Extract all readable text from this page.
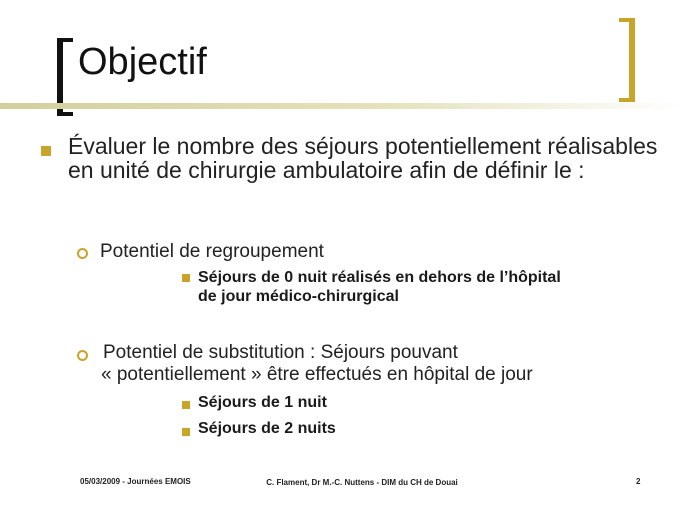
Objectif
Évaluer le nombre des séjours potentiellement réalisables en unité de chirurgie ambulatoire afin de définir le :
Potentiel de regroupement
Séjours de 0 nuit réalisés en dehors de l’hôpital
de jour médico-chirurgical
Potentiel de substitution : Séjours pouvant
« potentiellement » être effectués en hôpital de jour
Séjours de 1 nuit
Séjours de 2 nuits
05/03/2009 - Journées EMOIS	C. Flament, Dr M.-C. Nuttens - DIM du CH de Douai	2
